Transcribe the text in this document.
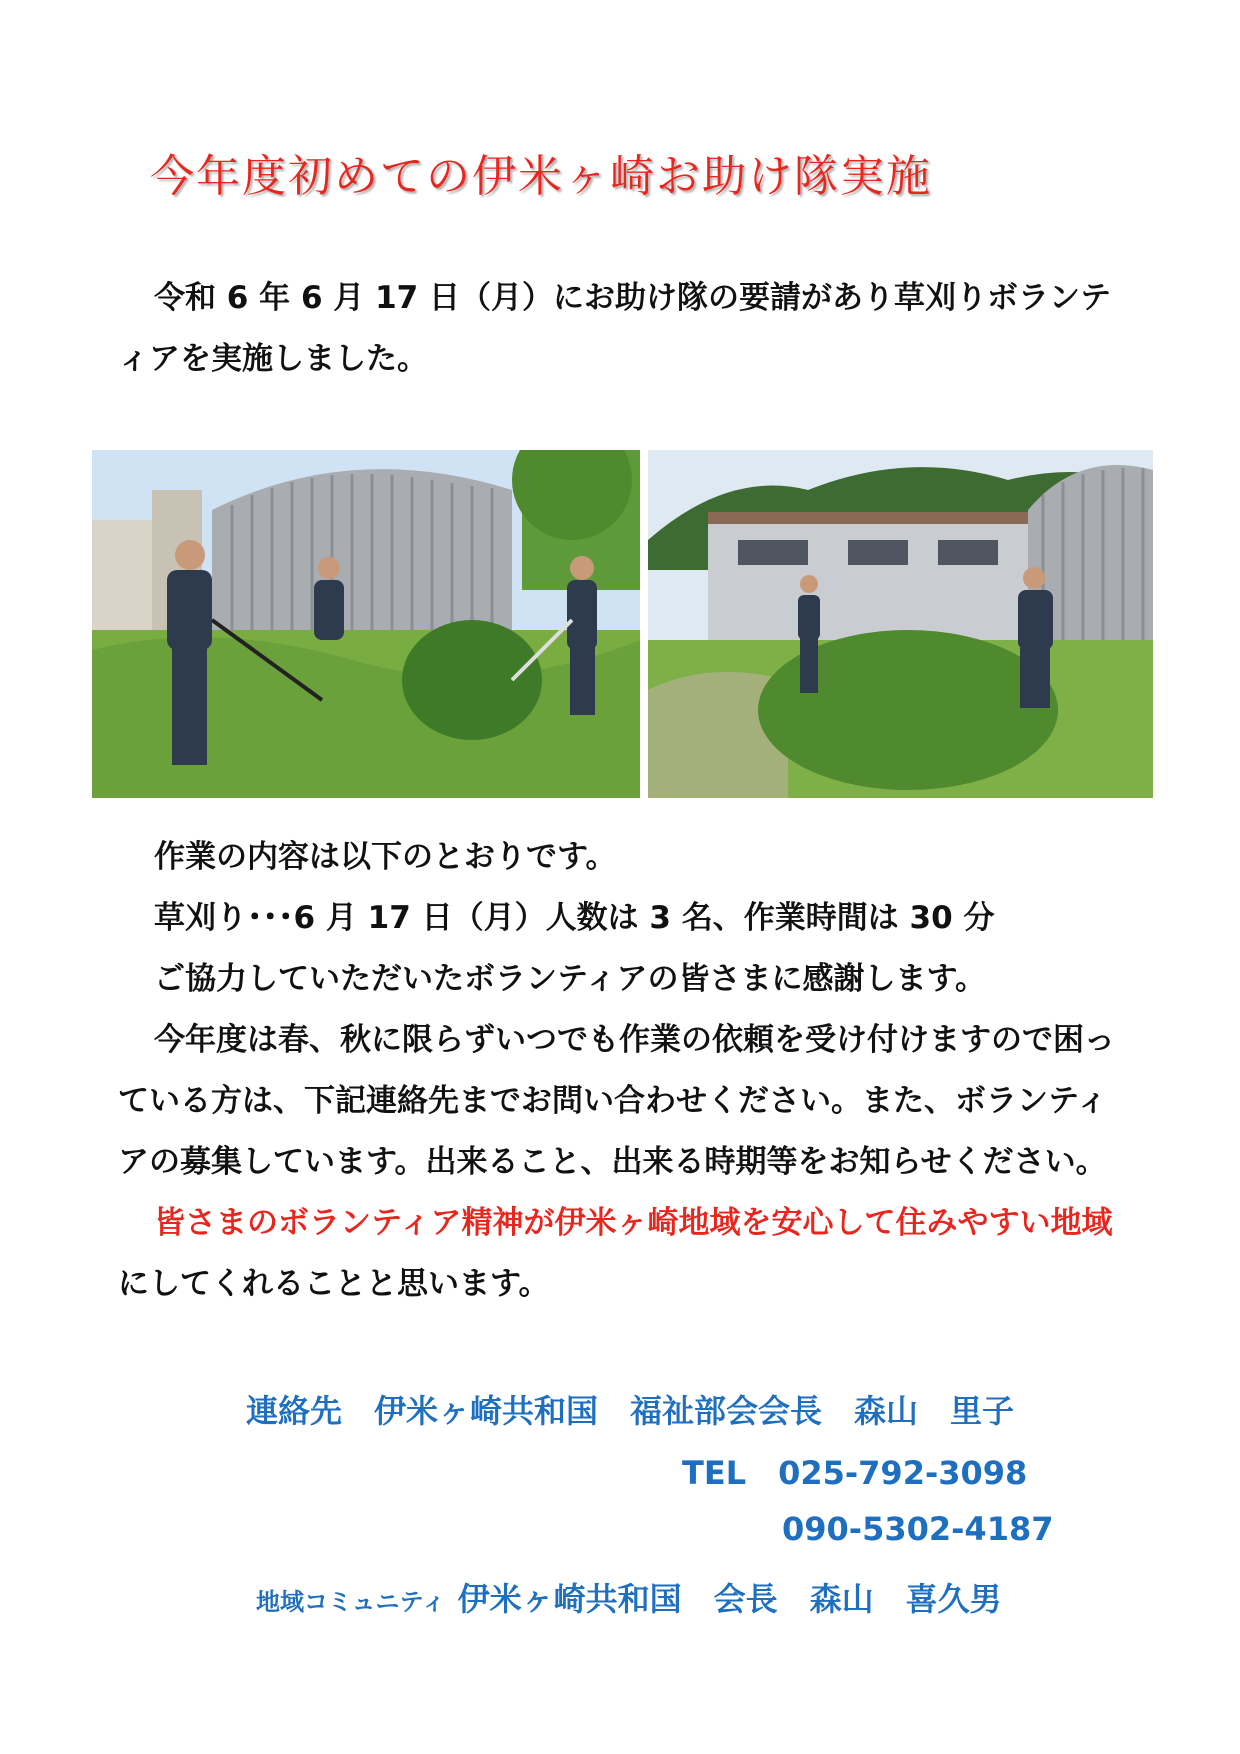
今年度初めての伊米ヶ崎お助け隊実施

令和 6 年 6 月 17 日（月）にお助け隊の要請があり草刈りボランティアを実施しました。

作業の内容は以下のとおりです。

草刈り･･･6 月 17 日（月）人数は 3 名、作業時間は 30 分

ご協力していただいたボランティアの皆さまに感謝します。

今年度は春、秋に限らずいつでも作業の依頼を受け付けますので困っている方は、下記連絡先までお問い合わせください。また、ボランティアの募集しています。出来ること、出来る時期等をお知らせください。

皆さまのボランティア精神が伊米ヶ崎地域を安心して住みやすい地域にしてくれることと思います。

連絡先　伊米ヶ崎共和国　福祉部会会長　森山　里子

TEL　025-792-3098

090-5302-4187

地域コミュニティ 伊米ヶ崎共和国　会長　森山　喜久男
